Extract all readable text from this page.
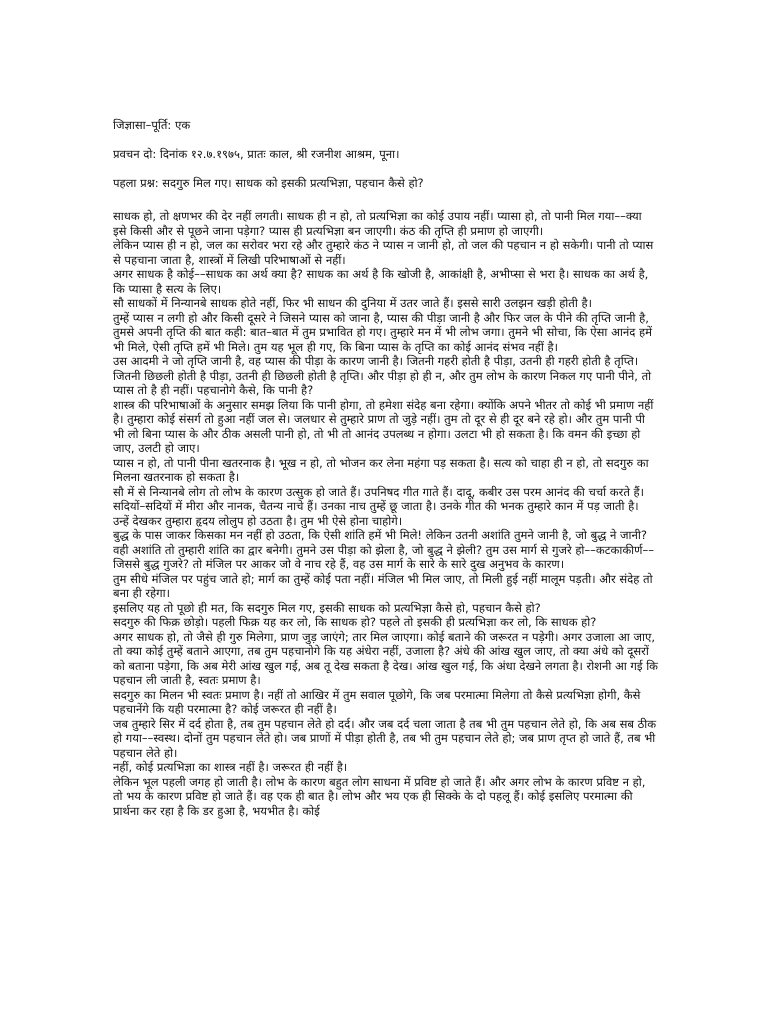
जिज्ञासा–पूर्ति: एक

प्रवचन दो: दिनांक १२.७.१९७५, प्रातः काल, श्री रजनीश आश्रम, पूना।

पहला प्रश्न: सदगुरु मिल गए। साधक को इसकी प्रत्यभिज्ञा, पहचान कैसे हो?

साधक हो, तो क्षणभर की देर नहीं लगती। साधक ही न हो, तो प्रत्यभिज्ञा का कोई उपाय नहीं। प्यासा हो, तो पानी मिल गया––क्या इसे किसी और से पूछने जाना पड़ेगा? प्यास ही प्रत्यभिज्ञा बन जाएगी। कंठ की तृप्ति ही प्रमाण हो जाएगी।

लेकिन प्यास ही न हो, जल का सरोवर भरा रहे और तुम्हारे कंठ ने प्यास न जानी हो, तो जल की पहचान न हो सकेगी। पानी तो प्यास से पहचाना जाता है, शास्त्रों में लिखी परिभाषाओं से नहीं।

अगर साधक है कोई––साधक का अर्थ क्या है? साधक का अर्थ है कि खोजी है, आकांक्षी है, अभीप्सा से भरा है। साधक का अर्थ है, कि प्यासा है सत्य के लिए।

सौ साधकों में निन्यानबे साधक होते नहीं, फिर भी साधन की दुनिया में उतर जाते हैं। इससे सारी उलझन खड़ी होती है।

तुम्हें प्यास न लगी हो और किसी दूसरे ने जिसने प्यास को जाना है, प्यास की पीड़ा जानी है और फिर जल के पीने की तृप्ति जानी है, तुमसे अपनी तृप्ति की बात कही: बात–बात में तुम प्रभावित हो गए। तुम्हारे मन में भी लोभ जगा। तुमने भी सोचा, कि ऐसा आनंद हमें भी मिले, ऐसी तृप्ति हमें भी मिले। तुम यह भूल ही गए, कि बिना प्यास के तृप्ति का कोई आनंद संभव नहीं है।

उस आदमी ने जो तृप्ति जानी है, वह प्यास की पीड़ा के कारण जानी है। जितनी गहरी होती है पीड़ा, उतनी ही गहरी होती है तृप्ति। जितनी छिछली होती है पीड़ा, उतनी ही छिछली होती है तृप्ति। और पीड़ा हो ही न, और तुम लोभ के कारण निकल गए पानी पीने, तो प्यास तो है ही नहीं। पहचानोगे कैसे, कि पानी है?

शास्त्र की परिभाषाओं के अनुसार समझ लिया कि पानी होगा, तो हमेशा संदेह बना रहेगा। क्योंकि अपने भीतर तो कोई भी प्रमाण नहीं है। तुम्हारा कोई संसर्ग तो हुआ नहीं जल से। जलधार से तुम्हारे प्राण तो जुड़े नहीं। तुम तो दूर से ही दूर बने रहे हो। और तुम पानी पी भी लो बिना प्यास के और ठीक असली पानी हो, तो भी तो आनंद उपलब्ध न होगा। उलटा भी हो सकता है। कि वमन की इच्छा हो जाए, उलटी हो जाए।

प्यास न हो, तो पानी पीना खतरनाक है। भूख न हो, तो भोजन कर लेना महंगा पड़ सकता है। सत्य को चाहा ही न हो, तो सदगुरु का मिलना खतरनाक हो सकता है।

सौ में से निन्यानबे लोग तो लोभ के कारण उत्सुक हो जाते हैं। उपनिषद गीत गाते हैं। दादू, कबीर उस परम आनंद की चर्चा करते हैं। सदियों–सदियों में मीरा और नानक, चैतन्य नाचे हैं। उनका नाच तुम्हें छू जाता है। उनके गीत की भनक तुम्हारे कान में पड़ जाती है। उन्हें देखकर तुम्हारा हृदय लोलुप हो उठता है। तुम भी ऐसे होना चाहोगे।

बुद्ध के पास जाकर किसका मन नहीं हो उठता, कि ऐसी शांति हमें भी मिले! लेकिन उतनी अशांति तुमने जानी है, जो बुद्ध ने जानी? वही अशांति तो तुम्हारी शांति का द्वार बनेगी। तुमने उस पीड़ा को झेला है, जो बुद्ध ने झेली? तुम उस मार्ग से गुजरे हो––कटकाकीर्ण––जिससे बुद्ध गुजरे? तो मंजिल पर आकर जो वे नाच रहे हैं, वह उस मार्ग के सारे के सारे दुख अनुभव के कारण।

तुम सीधे मंजिल पर पहुंच जाते हो; मार्ग का तुम्हें कोई पता नहीं। मंजिल भी मिल जाए, तो मिली हुई नहीं मालूम पड़ती। और संदेह तो बना ही रहेगा।

इसलिए यह तो पूछो ही मत, कि सदगुरु मिल गए, इसकी साधक को प्रत्यभिज्ञा कैसे हो, पहचान कैसे हो?

सदगुरु की फिक्र छोड़ो। पहली फिक्र यह कर लो, कि साधक हो? पहले तो इसकी ही प्रत्यभिज्ञा कर लो, कि साधक हो?

अगर साधक हो, तो जैसे ही गुरु मिलेगा, प्राण जुड़ जाएंगे; तार मिल जाएगा। कोई बताने की जरूरत न पड़ेगी। अगर उजाला आ जाए, तो क्या कोई तुम्हें बताने आएगा, तब तुम पहचानोगे कि यह अंधेरा नहीं, उजाला है? अंधे की आंख खुल जाए, तो क्या अंधे को दूसरों को बताना पड़ेगा, कि अब मेरी आंख खुल गई, अब तू देख सकता है देख। आंख खुल गई, कि अंधा देखने लगता है। रोशनी आ गई कि पहचान ली जाती है, स्वतः प्रमाण है।

सदगुरु का मिलन भी स्वतः प्रमाण है। नहीं तो आखिर में तुम सवाल पूछोगे, कि जब परमात्मा मिलेगा तो कैसे प्रत्यभिज्ञा होगी, कैसे पहचानेंगे कि यही परमात्मा है? कोई जरूरत ही नहीं है।

जब तुम्हारे सिर में दर्द होता है, तब तुम पहचान लेते हो दर्द। और जब दर्द चला जाता है तब भी तुम पहचान लेते हो, कि अब सब ठीक हो गया––स्वस्थ। दोनों तुम पहचान लेते हो। जब प्राणों में पीड़ा होती है, तब भी तुम पहचान लेते हो; जब प्राण तृप्त हो जाते हैं, तब भी पहचान लेते हो।

नहीं, कोई प्रत्यभिज्ञा का शास्त्र नहीं है। जरूरत ही नहीं है।

लेकिन भूल पहली जगह हो जाती है। लोभ के कारण बहुत लोग साधना में प्रविष्ट हो जाते हैं। और अगर लोभ के कारण प्रविष्ट न हो, तो भय के कारण प्रविष्ट हो जाते हैं। वह एक ही बात है। लोभ और भय एक ही सिक्के के दो पहलू हैं। कोई इसलिए परमात्मा की प्रार्थना कर रहा है कि डर हुआ है, भयभीत है। कोई
